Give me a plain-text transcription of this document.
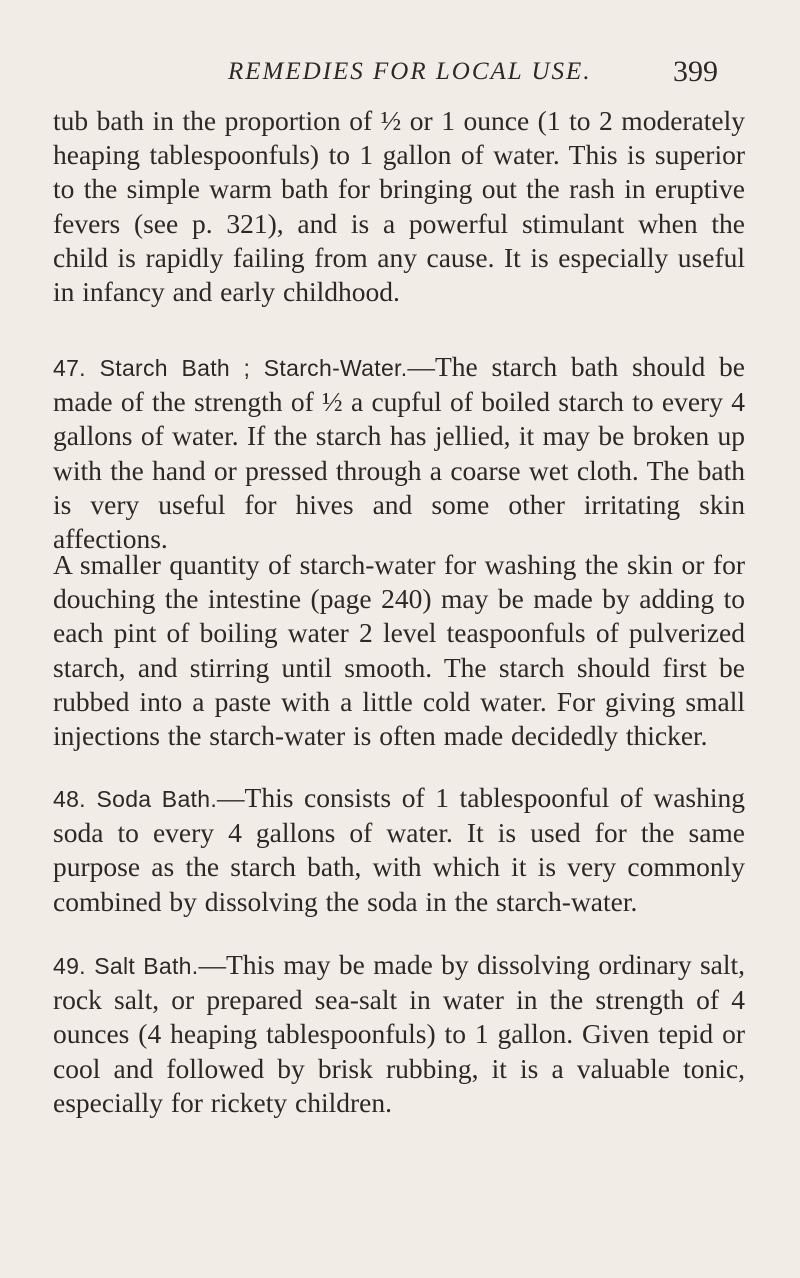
REMEDIES FOR LOCAL USE.	399

tub bath in the proportion of ½ or 1 ounce (1 to 2 moderately heaping tablespoonfuls) to 1 gallon of water. This is superior to the simple warm bath for bringing out the rash in eruptive fevers (see p. 321), and is a powerful stimulant when the child is rapidly failing from any cause. It is especially useful in infancy and early childhood.

47. Starch Bath ; Starch-Water.—The starch bath should be made of the strength of ½ a cupful of boiled starch to every 4 gallons of water. If the starch has jellied, it may be broken up with the hand or pressed through a coarse wet cloth. The bath is very useful for hives and some other irritating skin affections.

A smaller quantity of starch-water for washing the skin or for douching the intestine (page 240) may be made by adding to each pint of boiling water 2 level teaspoonfuls of pulverized starch, and stirring until smooth. The starch should first be rubbed into a paste with a little cold water. For giving small injections the starch-water is often made decidedly thicker.

48. Soda Bath.—This consists of 1 tablespoonful of washing soda to every 4 gallons of water. It is used for the same purpose as the starch bath, with which it is very commonly combined by dissolving the soda in the starch-water.

49. Salt Bath.—This may be made by dissolving ordinary salt, rock salt, or prepared sea-salt in water in the strength of 4 ounces (4 heaping tablespoonfuls) to 1 gallon. Given tepid or cool and followed by brisk rubbing, it is a valuable tonic, especially for rickety children.
